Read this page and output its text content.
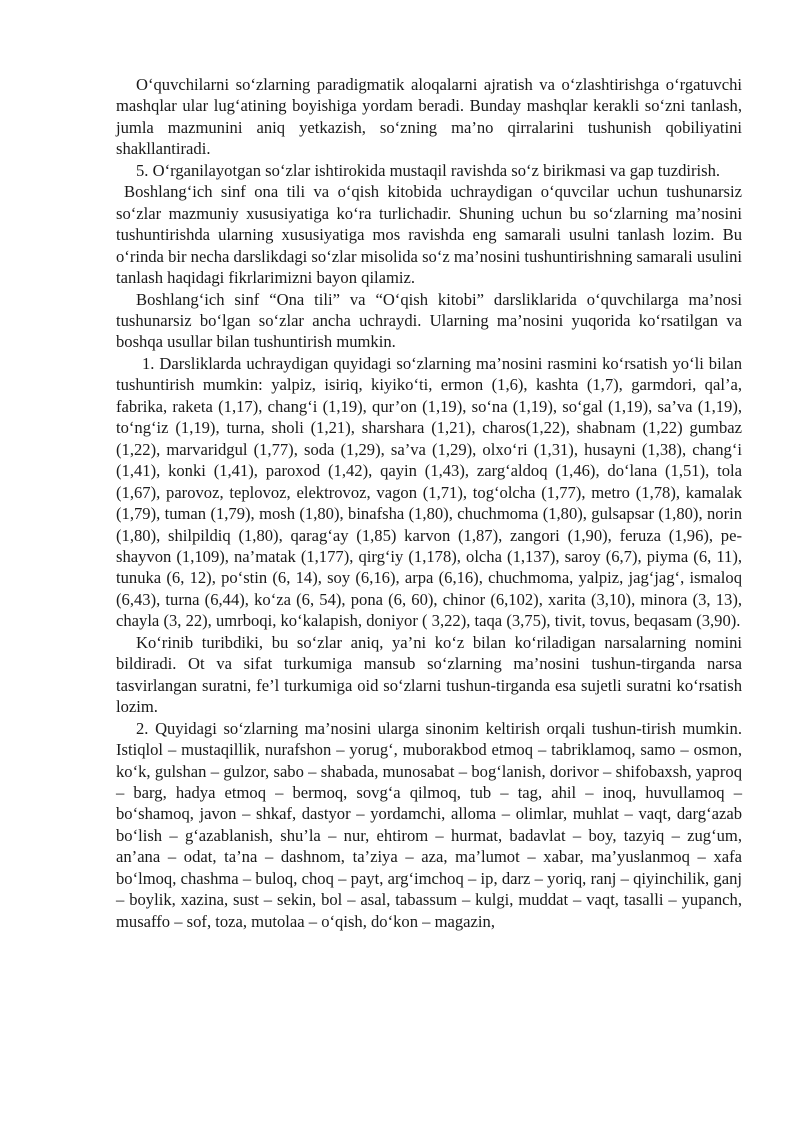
O‘quvchilarni so‘zlarning paradigmatik aloqalarni ajratish va o‘zlashtirishga o‘rgatuvchi mashqlar ular lug‘atining boyishiga yordam beradi. Bunday mashqlar kerakli so‘zni tanlash, jumla mazmunini aniq yetkazish, so‘zning ma’no qirralarini tushunish qobiliyatini shakllantiradi.

5. O‘rganilayotgan so‘zlar ishtirokida mustaqil ravishda so‘z birikmasi va gap tuzdirish.

Boshlang‘ich sinf ona tili va o‘qish kitobida uchraydigan o‘quvcilar uchun tushunarsiz so‘zlar mazmuniy xususiyatiga ko‘ra turlichadir. Shuning uchun bu so‘zlarning ma’nosini tushuntirishda ularning xususiyatiga mos ravishda eng samarali usulni tanlash lozim. Bu o‘rinda bir necha darslikdagi so‘zlar misolida so‘z ma’nosini tushuntirishning samarali usulini tanlash haqidagi fikrlarimizni bayon qilamiz.

Boshlang‘ich sinf “Ona tili” va “O‘qish kitobi” darsliklarida o‘quvchilarga ma’nosi tushunarsiz bo‘lgan so‘zlar ancha uchraydi. Ularning ma’nosini yuqorida ko‘rsatilgan va boshqa usullar bilan tushuntirish mumkin.

1. Darsliklarda uchraydigan quyidagi so‘zlarning ma’nosini rasmini ko‘rsatish yo‘li bilan tushuntirish mumkin: yalpiz, isiriq, kiyiko‘ti, ermon (1,6), kashta (1,7), garmdori, qal’a, fabrika, raketa (1,17), chang‘i (1,19), qur’on (1,19), so‘na (1,19), so‘gal (1,19), sa’va (1,19), to‘ng‘iz (1,19), turna, sholi (1,21), sharshara (1,21), charos(1,22), shabnam (1,22) gumbaz (1,22), marvaridgul (1,77), soda (1,29), sa’va (1,29), olxo‘ri (1,31), husayni (1,38), chang‘i (1,41), konki (1,41), paroxod (1,42), qayin (1,43), zarg‘aldoq (1,46), do‘lana (1,51), tola (1,67), parovoz, teplovoz, elektrovoz, vagon (1,71), tog‘olcha (1,77), metro (1,78), kamalak (1,79), tuman (1,79), mosh (1,80), binafsha (1,80), chuchmoma (1,80), gulsapsar (1,80), norin (1,80), shilpildiq (1,80), qarag‘ay (1,85) karvon (1,87), zangori (1,90), feruza (1,96), pe-shayvon (1,109), na’matak (1,177), qirg‘iy (1,178), olcha (1,137), saroy (6,7), piyma (6, 11), tunuka (6, 12), po‘stin (6, 14), soy (6,16), arpa (6,16), chuchmoma, yalpiz, jag‘jag‘, ismaloq (6,43), turna (6,44), ko‘za (6, 54), pona (6, 60), chinor (6,102), xarita (3,10), minora (3, 13), chayla (3, 22), umrboqi, ko‘kalapish, doniyor ( 3,22), taqa (3,75), tivit, tovus, beqasam (3,90).

Ko‘rinib turibdiki, bu so‘zlar aniq, ya’ni ko‘z bilan ko‘riladigan narsalarning nomini bildiradi. Ot va sifat turkumiga mansub so‘zlarning ma’nosini tushun-tirganda narsa tasvirlangan suratni, fe’l turkumiga oid so‘zlarni tushun-tirganda esa sujetli suratni ko‘rsatish lozim.

2. Quyidagi so‘zlarning ma’nosini ularga sinonim keltirish orqali tushun-tirish mumkin. Istiqlol – mustaqillik, nurafshon – yorug‘, muborakbod etmoq – tabriklamoq, samo – osmon, ko‘k, gulshan – gulzor, sabo – shabada, munosabat – bog‘lanish, dorivor – shifobaxsh, yaproq – barg, hadya etmoq – bermoq, sovg‘a qilmoq, tub – tag, ahil – inoq, huvullamoq – bo‘shamoq, javon – shkaf, dastyor – yordamchi, alloma – olimlar, muhlat – vaqt, darg‘azab bo‘lish – g‘azablanish, shu’la – nur, ehtirom – hurmat, badavlat – boy, tazyiq – zug‘um, an’ana – odat, ta’na – dashnom, ta’ziya – aza, ma’lumot – xabar, ma’yuslanmoq – xafa bo‘lmoq, chashma – buloq, choq – payt, arg‘imchoq – ip, darz – yoriq, ranj – qiyinchilik, ganj – boylik, xazina, sust – sekin, bol – asal, tabassum – kulgi, muddat – vaqt, tasalli – yupanch, musaffo – sof, toza, mutolaa – o‘qish, do‘kon – magazin,
